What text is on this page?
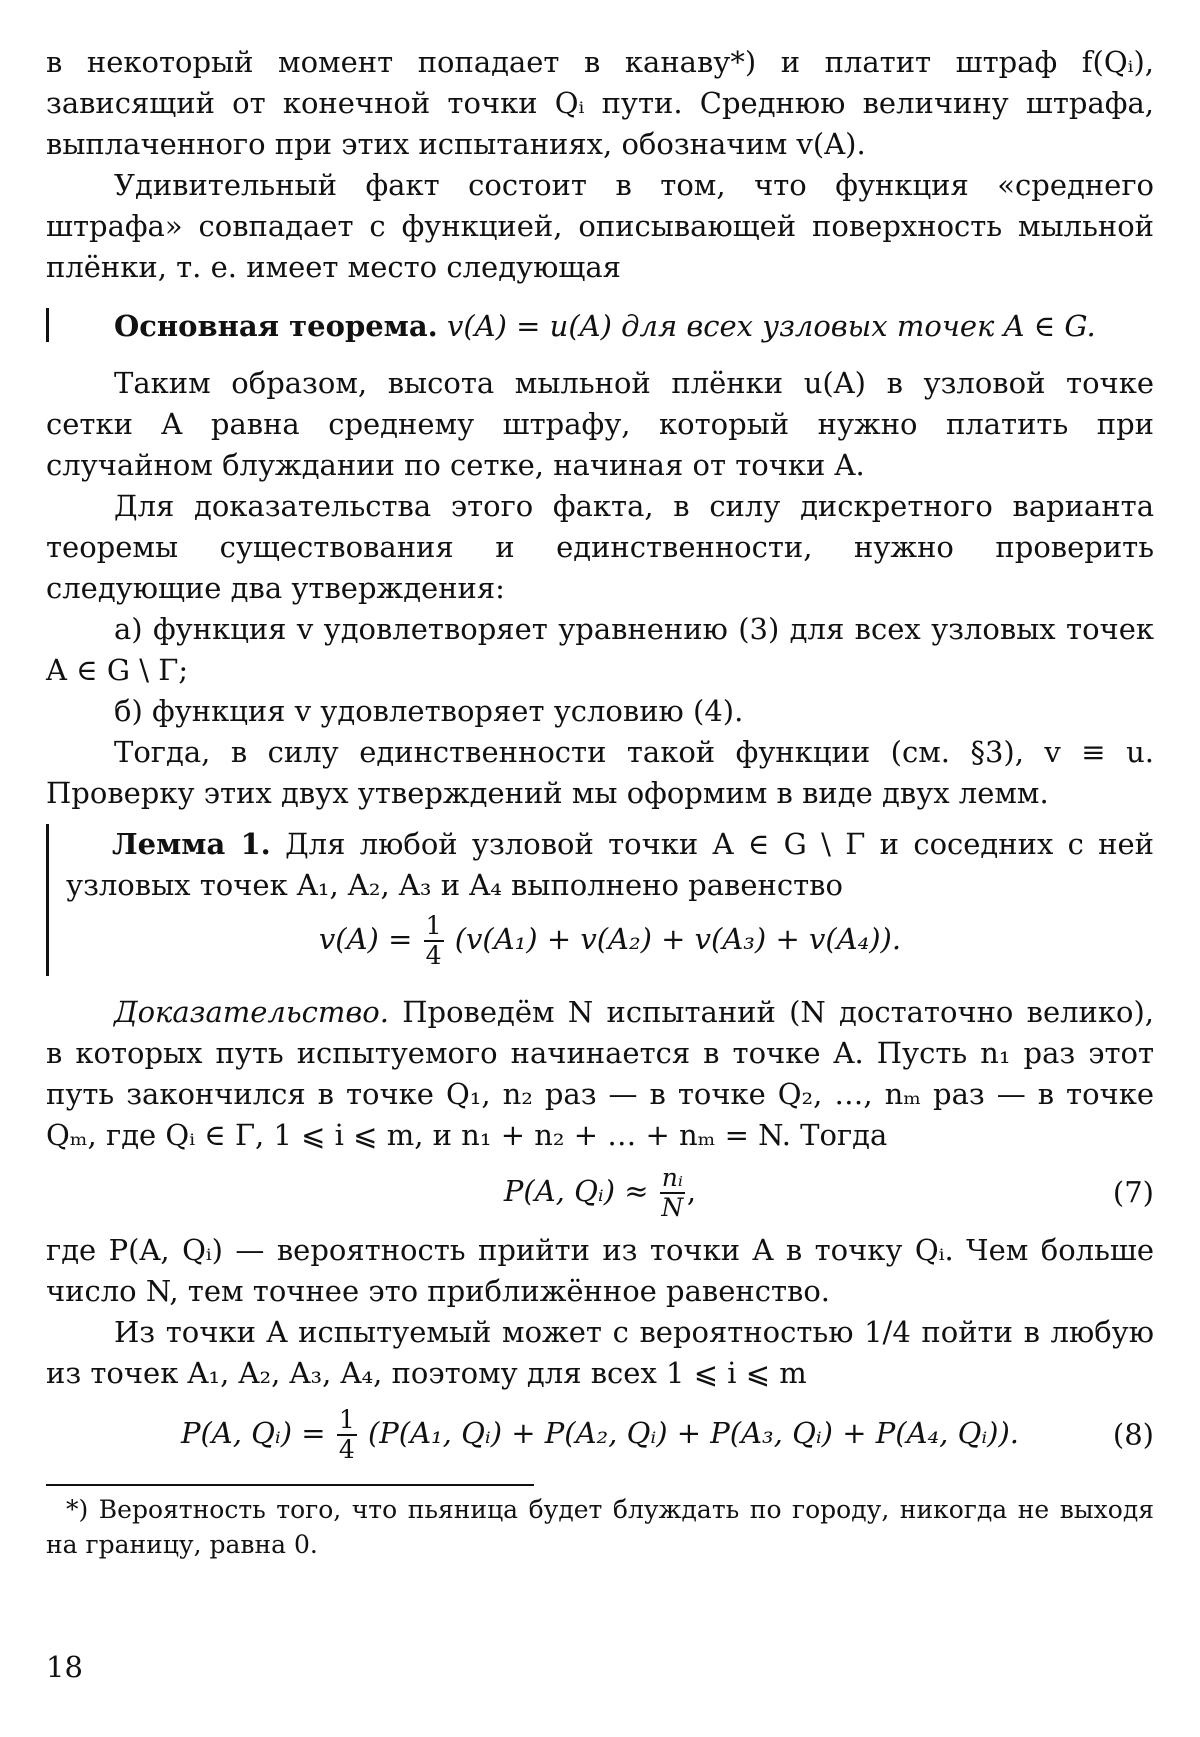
в некоторый момент попадает в канаву*) и платит штраф f(Qᵢ), зависящий от конечной точки Qᵢ пути. Среднюю величину штрафа, выплаченного при этих испытаниях, обозначим v(A).

Удивительный факт состоит в том, что функция «среднего штрафа» совпадает с функцией, описывающей поверхность мыльной плёнки, т. е. имеет место следующая

Основная теорема. v(A) = u(A) для всех узловых точек A ∈ G.

Таким образом, высота мыльной плёнки u(A) в узловой точке сетки A равна среднему штрафу, который нужно платить при случайном блуждании по сетке, начиная от точки A.

Для доказательства этого факта, в силу дискретного варианта теоремы существования и единственности, нужно проверить следующие два утверждения:

а) функция v удовлетворяет уравнению (3) для всех узловых точек A ∈ G \ Γ;

б) функция v удовлетворяет условию (4).

Тогда, в силу единственности такой функции (см. §3), v ≡ u. Проверку этих двух утверждений мы оформим в виде двух лемм.

Лемма 1. Для любой узловой точки A ∈ G \ Γ и соседних с ней узловых точек A₁, A₂, A₃ и A₄ выполнено равенство

$v(A) = \frac{1}{4} (v(A_1) + v(A_2) + v(A_3) + v(A_4))$.

Доказательство. Проведём N испытаний (N достаточно велико), в которых путь испытуемого начинается в точке A. Пусть n₁ раз этот путь закончился в точке Q₁, n₂ раз — в точке Q₂, …, nₘ раз — в точке Qₘ, где Qᵢ ∈ Γ, 1 ⩽ i ⩽ m, и n₁ + n₂ + … + nₘ = N. Тогда

P(A, Qᵢ) ≈ $\frac{\text{nᵢ}}{N}$ ,	(7)

где P(A, Qᵢ) — вероятность прийти из точки A в точку Qᵢ. Чем больше число N, тем точнее это приближённое равенство.

Из точки A испытуемый может с вероятностью 1/4 пойти в любую из точек A₁, A₂, A₃, A₄, поэтому для всех 1 ⩽ i ⩽ m

P(A, Qᵢ) = $\frac{1}{4} (P(A_1$, Qᵢ) + P(A₂, Qᵢ) + P(A₃, Qᵢ) + P(A₄, Qᵢ)).	(8)

*) Вероятность того, что пьяница будет блуждать по городу, никогда не выходя на границу, равна 0.

18
